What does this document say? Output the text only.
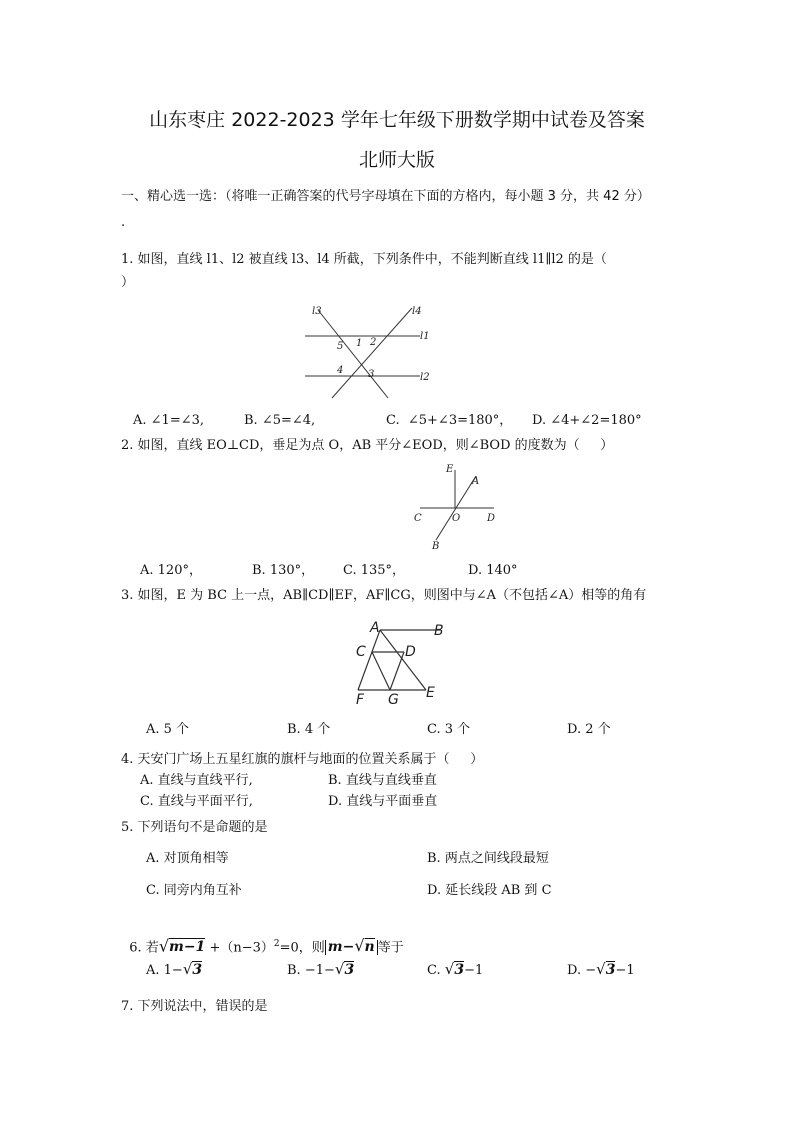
山东枣庄 2022-2023 学年七年级下册数学期中试卷及答案
北师大版
一、精心选一选：（将唯一正确答案的代号字母填在下面的方格内，每小题 3 分，共 42 分）
.
1. 如图，直线 l1、l2 被直线 l3、l4 所截，下列条件中，不能判断直线 l1∥l2 的是（
）
l3	l4
l1
l2
5 1 2
4 3
A. ∠1=∠3,	B. ∠5=∠4,	C.  ∠5+∠3=180°， D. ∠4+∠2=180°
2. 如图，直线 EO⊥CD，垂足为点 O，AB 平分∠EOD，则∠BOD 的度数为（     ）
E
A
C	O	D
B
A. 120°，	B. 130°， C. 135°，	D. 140°
3. 如图，E 为 BC 上一点，AB∥CD∥EF，AF∥CG，则图中与∠A（不包括∠A）相等的角有
A	B
C	D
F G E
A. 5 个	B. 4 个	C. 3 个	D. 2 个
4. 天安门广场上五星红旗的旗杆与地面的位置关系属于（     ）
A. 直线与直线平行,	B. 直线与直线垂直
C. 直线与平面平行,	D. 直线与平面垂直
5. 下列语句不是命题的是
A. 对顶角相等	B. 两点之间线段最短
C. 同旁内角互补	D. 延长线段 AB 到 C

6. 若$√m-1 +(n-3)^2=0$，则 m−√n 等于

A. 1−√3	B. −1−√3	C. √3−1	D. −√3−1
7. 下列说法中，错误的是
